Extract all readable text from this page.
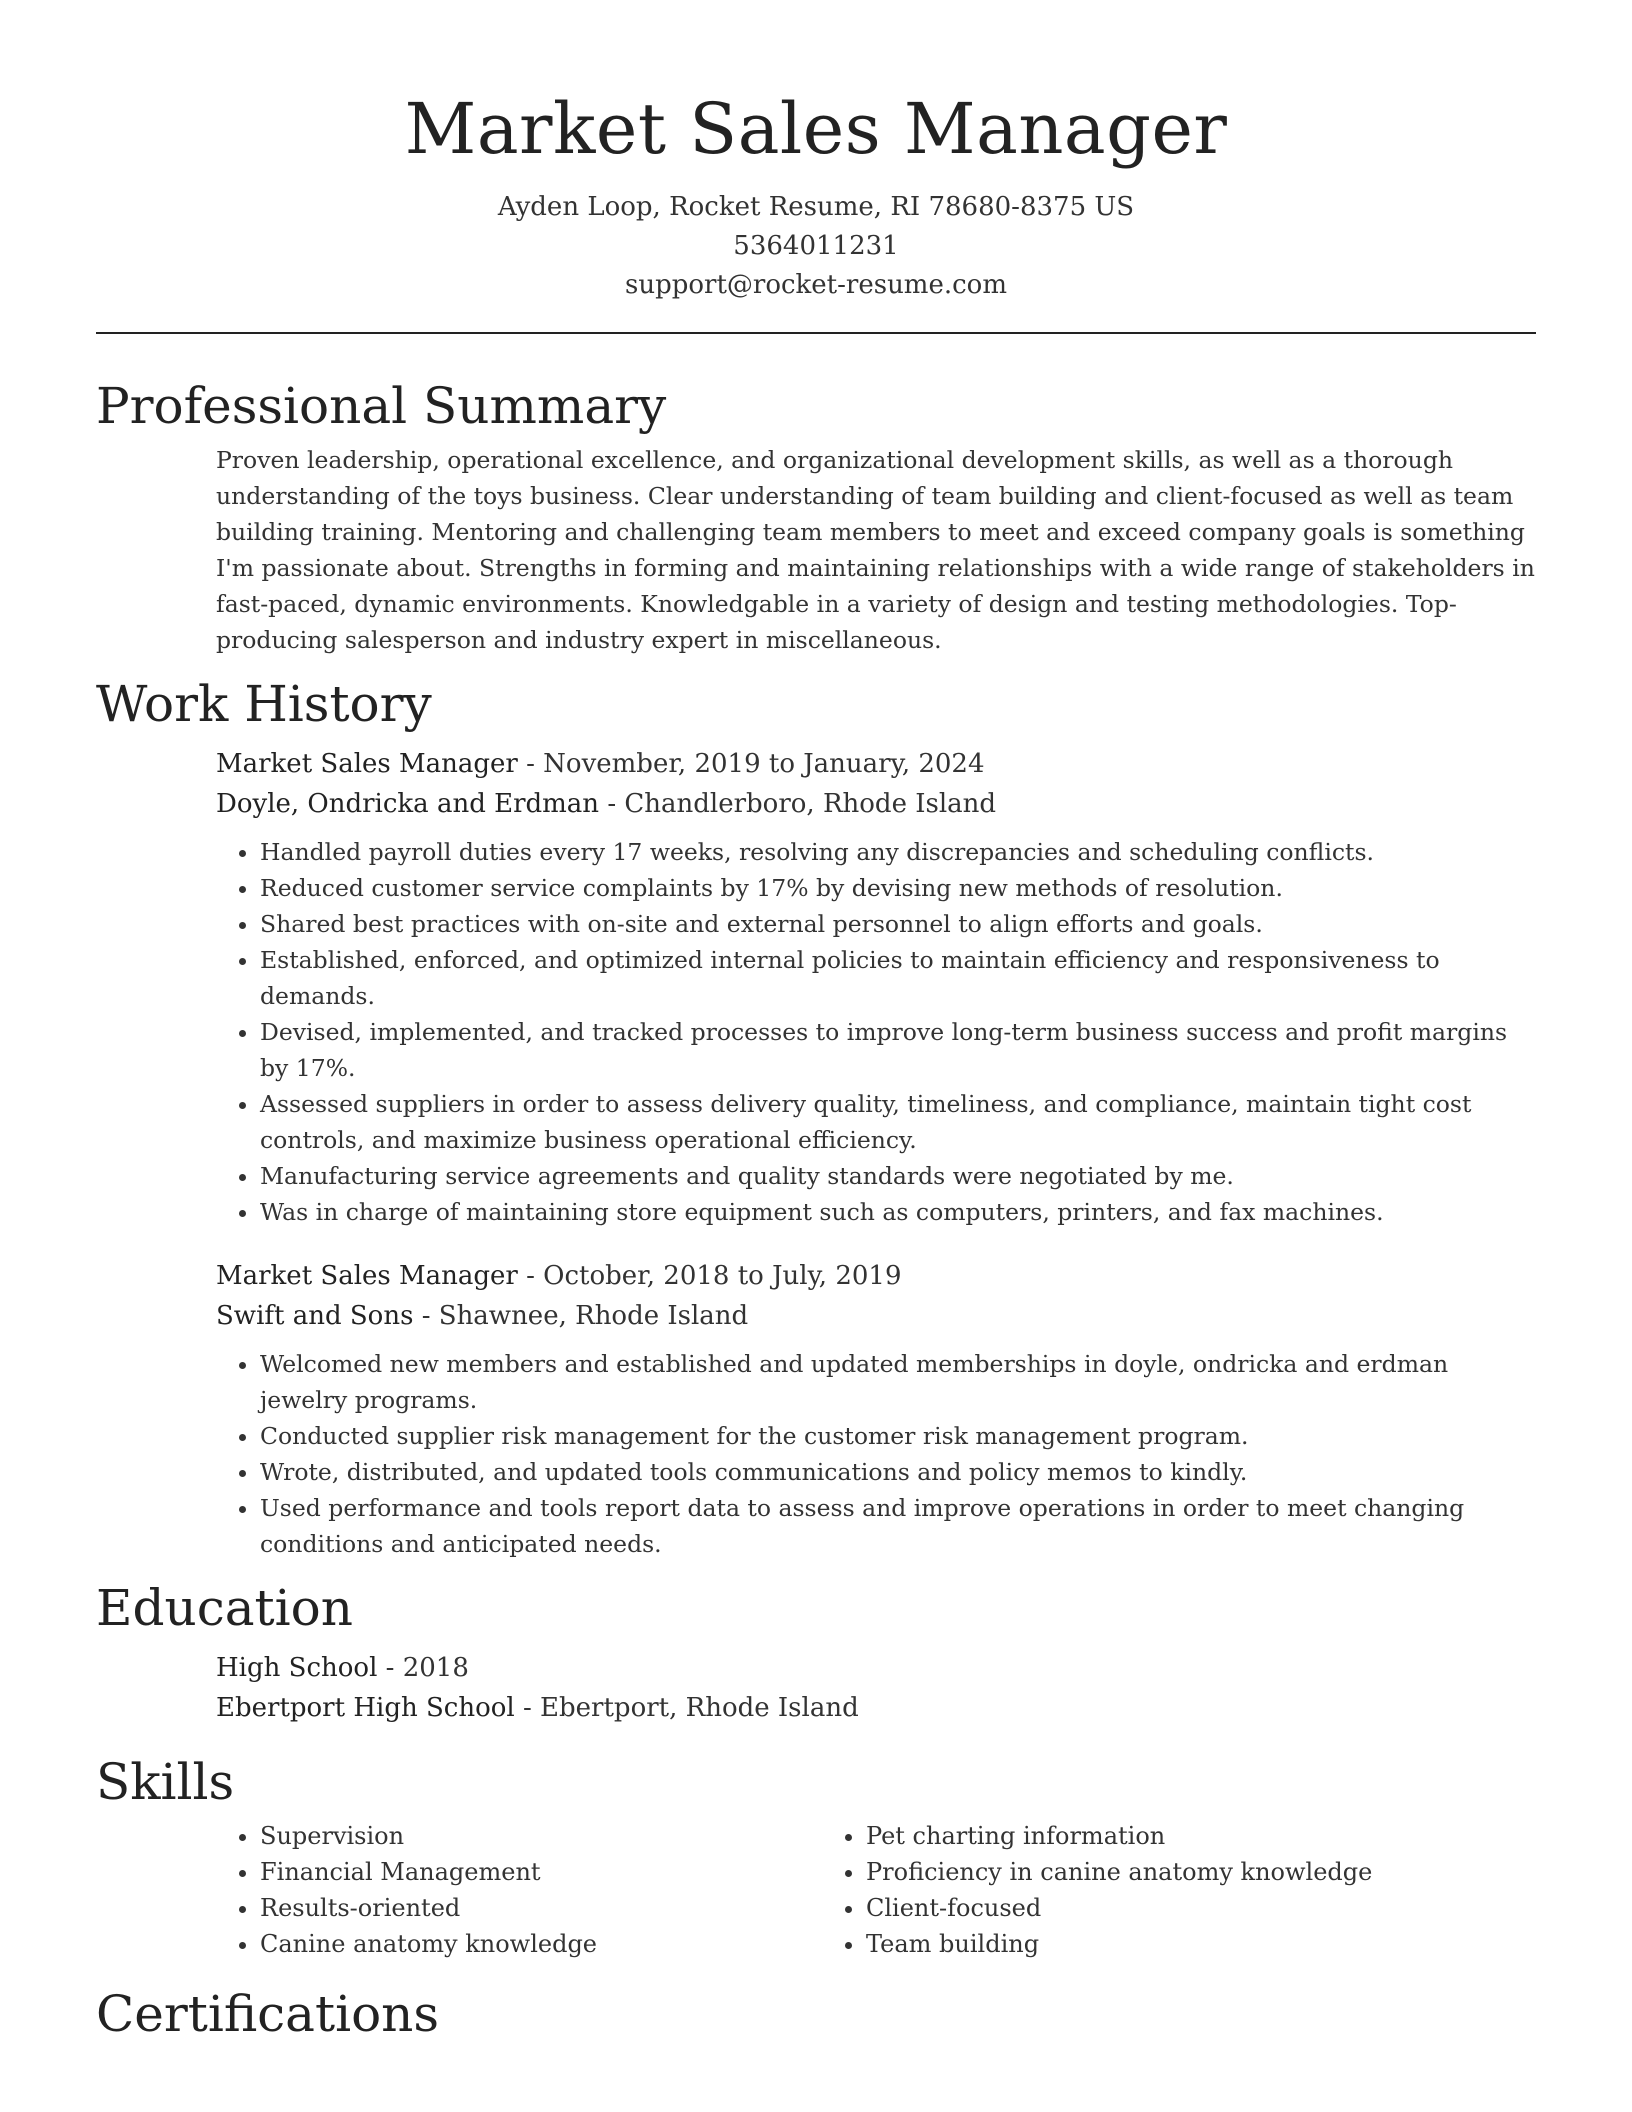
Market Sales Manager
Ayden Loop, Rocket Resume, RI 78680-8375 US
5364011231
support@rocket-resume.com
Professional Summary

Proven leadership, operational excellence, and organizational development skills, as well as a thorough understanding of the toys business. Clear understanding of team building and client-focused as well as team building training. Mentoring and challenging team members to meet and exceed company goals is something I'm passionate about. Strengths in forming and maintaining relationships with a wide range of stakeholders in fast-paced, dynamic environments. Knowledgable in a variety of design and testing methodologies. Top-producing salesperson and industry expert in miscellaneous.

Work History
Market Sales Manager - November, 2019 to January, 2024
Doyle, Ondricka and Erdman - Chandlerboro, Rhode Island
• Handled payroll duties every 17 weeks, resolving any discrepancies and scheduling conflicts.
• Reduced customer service complaints by 17% by devising new methods of resolution.
• Shared best practices with on-site and external personnel to align efforts and goals.
• Established, enforced, and optimized internal policies to maintain efficiency and responsiveness to demands.
• Devised, implemented, and tracked processes to improve long-term business success and profit margins by 17%.
• Assessed suppliers in order to assess delivery quality, timeliness, and compliance, maintain tight cost controls, and maximize business operational efficiency.
• Manufacturing service agreements and quality standards were negotiated by me.
• Was in charge of maintaining store equipment such as computers, printers, and fax machines.
Market Sales Manager - October, 2018 to July, 2019
Swift and Sons - Shawnee, Rhode Island
• Welcomed new members and established and updated memberships in doyle, ondricka and erdman jewelry programs.
• Conducted supplier risk management for the customer risk management program.
• Wrote, distributed, and updated tools communications and policy memos to kindly.
• Used performance and tools report data to assess and improve operations in order to meet changing conditions and anticipated needs.
Education
High School - 2018
Ebertport High School - Ebertport, Rhode Island
Skills
• Supervision
• Financial Management
• Results-oriented
• Canine anatomy knowledge
• Pet charting information
• Proficiency in canine anatomy knowledge
• Client-focused
• Team building
Certifications
